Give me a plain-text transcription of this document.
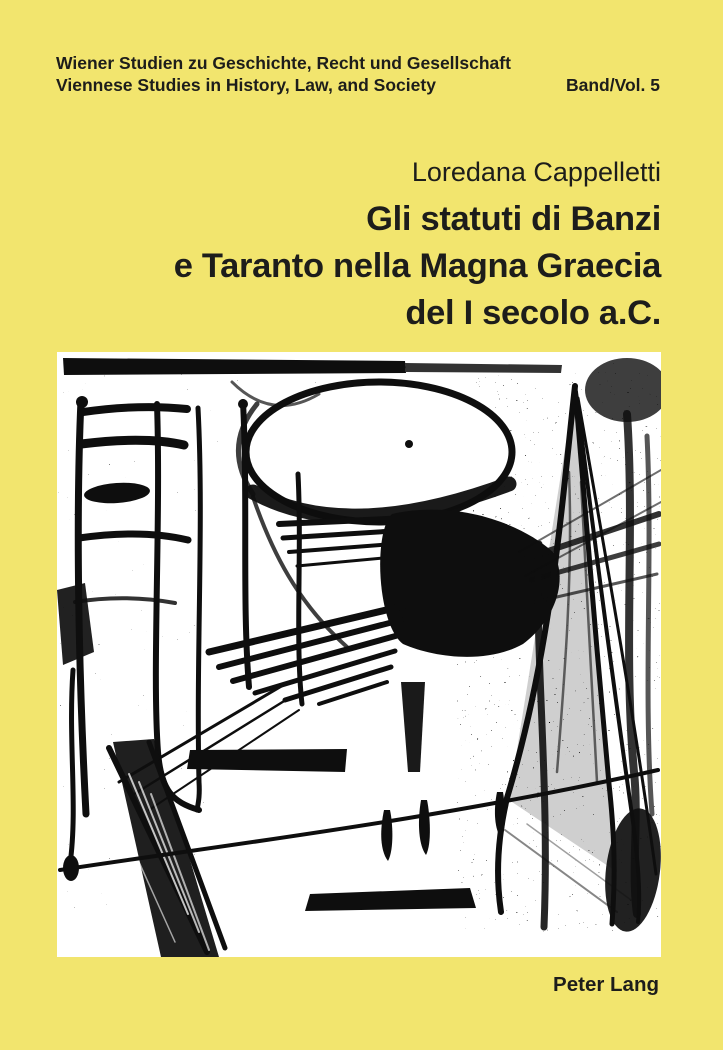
Wiener Studien zu Geschichte, Recht und Gesellschaft
Viennese Studies in History, Law, and Society	Band/Vol. 5
Loredana Cappelletti
Gli statuti di Banzi
e Taranto nella Magna Graecia
del I secolo a.C.
Peter Lang
